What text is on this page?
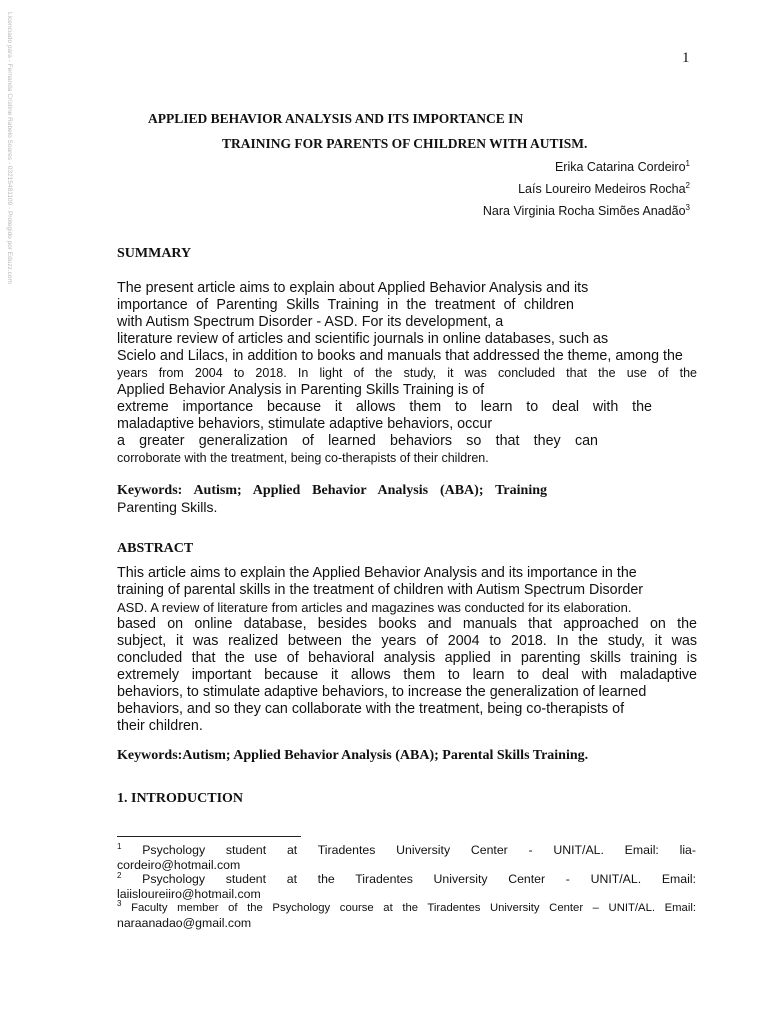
Licenciado para - Fernanda Cristine Rabelo Soares - 03215481109 - Protegido por Eduzz.com	1
APPLIED BEHAVIOR ANALYSIS AND ITS IMPORTANCE IN
TRAINING FOR PARENTS OF CHILDREN WITH AUTISM.
Erika Catarina Cordeiro$^1$
Laís Loureiro Medeiros Rocha$^2$
Nara Virginia Rocha Simões Anadão$^3$
SUMMARY
The present article aims to explain about Applied Behavior Analysis and its
importance of Parenting Skills Training in the treatment of children
with Autism Spectrum Disorder - ASD. For its development, a
literature review of articles and scientific journals in online databases, such as
Scielo and Lilacs, in addition to books and manuals that addressed the theme, among the
years from 2004 to 2018. In light of the study, it was concluded that the use of the
Applied Behavior Analysis in Parenting Skills Training is of
extreme importance because it allows them to learn to deal with the
maladaptive behaviors, stimulate adaptive behaviors, occur
a greater generalization of learned behaviors so that they can
corroborate with the treatment, being co-therapists of their children.
Keywords: Autism; Applied Behavior Analysis (ABA); Training
Parenting Skills.
ABSTRACT
This article aims to explain the Applied Behavior Analysis and its importance in the
training of parental skills in the treatment of children with Autism Spectrum Disorder
ASD. A review of literature from articles and magazines was conducted for its elaboration.
based on online database, besides books and manuals that approached on the
subject, it was realized between the years of 2004 to 2018. In the study, it was
concluded that the use of behavioral analysis applied in parenting skills training is
extremely important because it allows them to learn to deal with maladaptive
behaviors, to stimulate adaptive behaviors, to increase the generalization of learned
behaviors, and so they can collaborate with the treatment, being co-therapists of
their children.
Keywords:Autism; Applied Behavior Analysis (ABA); Parental Skills Training.
1. INTRODUCTION
$^1$ Psychology student at Tiradentes University Center - UNIT/AL. Email: lia-
cordeiro@hotmail.com
$^2$ Psychology student at the Tiradentes University Center - UNIT/AL. Email:
laiisloureiiro@hotmail.com
$^3$ Faculty member of the Psychology course at the Tiradentes University Center – UNIT/AL. Email:
naraanadao@gmail.com
